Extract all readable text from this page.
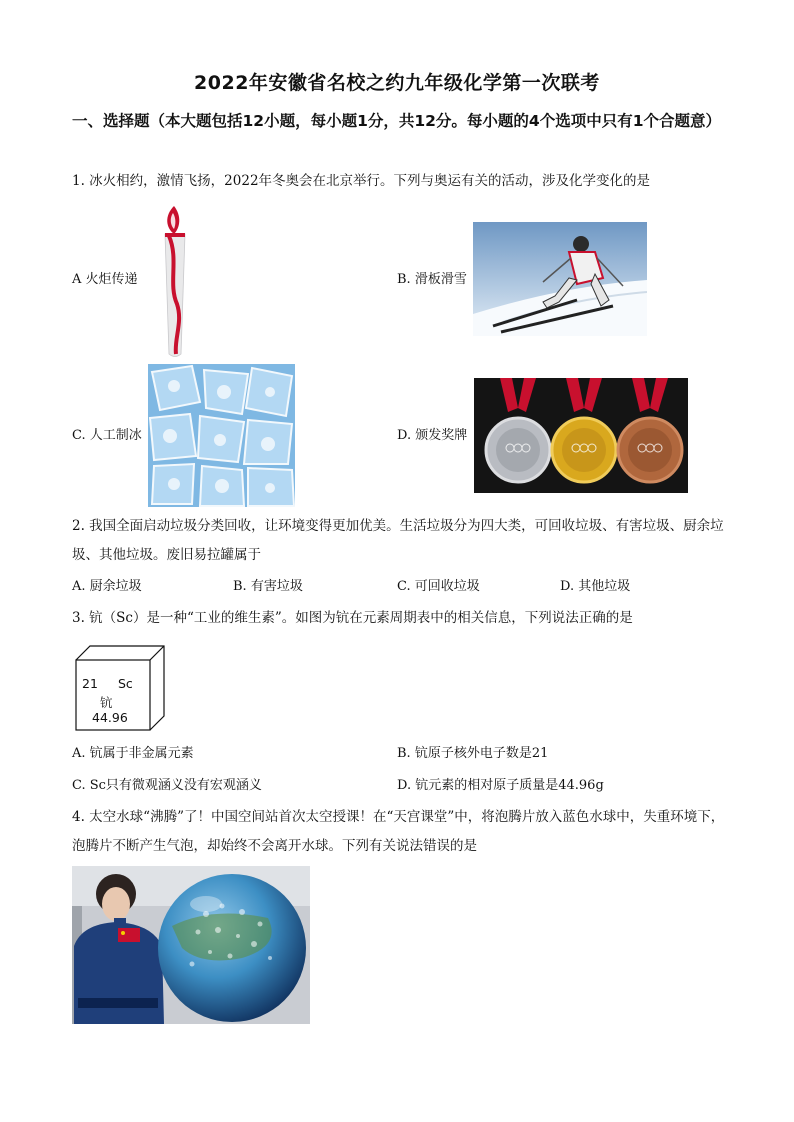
2022年安徽省名校之约九年级化学第一次联考
一、选择题（本大题包括12小题，每小题1分，共12分。每小题的4个选项中只有1个合题意）
1. 冰火相约，激情飞扬，2022年冬奥会在北京举行。下列与奥运有关的活动，涉及化学变化的是
A 火炬传递	B. 滑板滑雪
C. 人工制冰	D. 颁发奖牌
2. 我国全面启动垃圾分类回收，让环境变得更加优美。生活垃圾分为四大类，可回收垃圾、有害垃圾、厨余垃圾、其他垃圾。废旧易拉罐属于
A. 厨余垃圾	B. 有害垃圾	C. 可回收垃圾	D. 其他垃圾
3. 钪（Sc）是一种“工业的维生素”。如图为钪在元素周期表中的相关信息，下列说法正确的是
21 Sc
钪
44.96
A. 钪属于非金属元素	B. 钪原子核外电子数是21
C. Sc只有微观涵义没有宏观涵义	D. 钪元素的相对原子质量是44.96g
4. 太空水球“沸腾”了！中国空间站首次太空授课！在“天宫课堂”中，将泡腾片放入蓝色水球中，失重环境下，泡腾片不断产生气泡，却始终不会离开水球。下列有关说法错误的是
